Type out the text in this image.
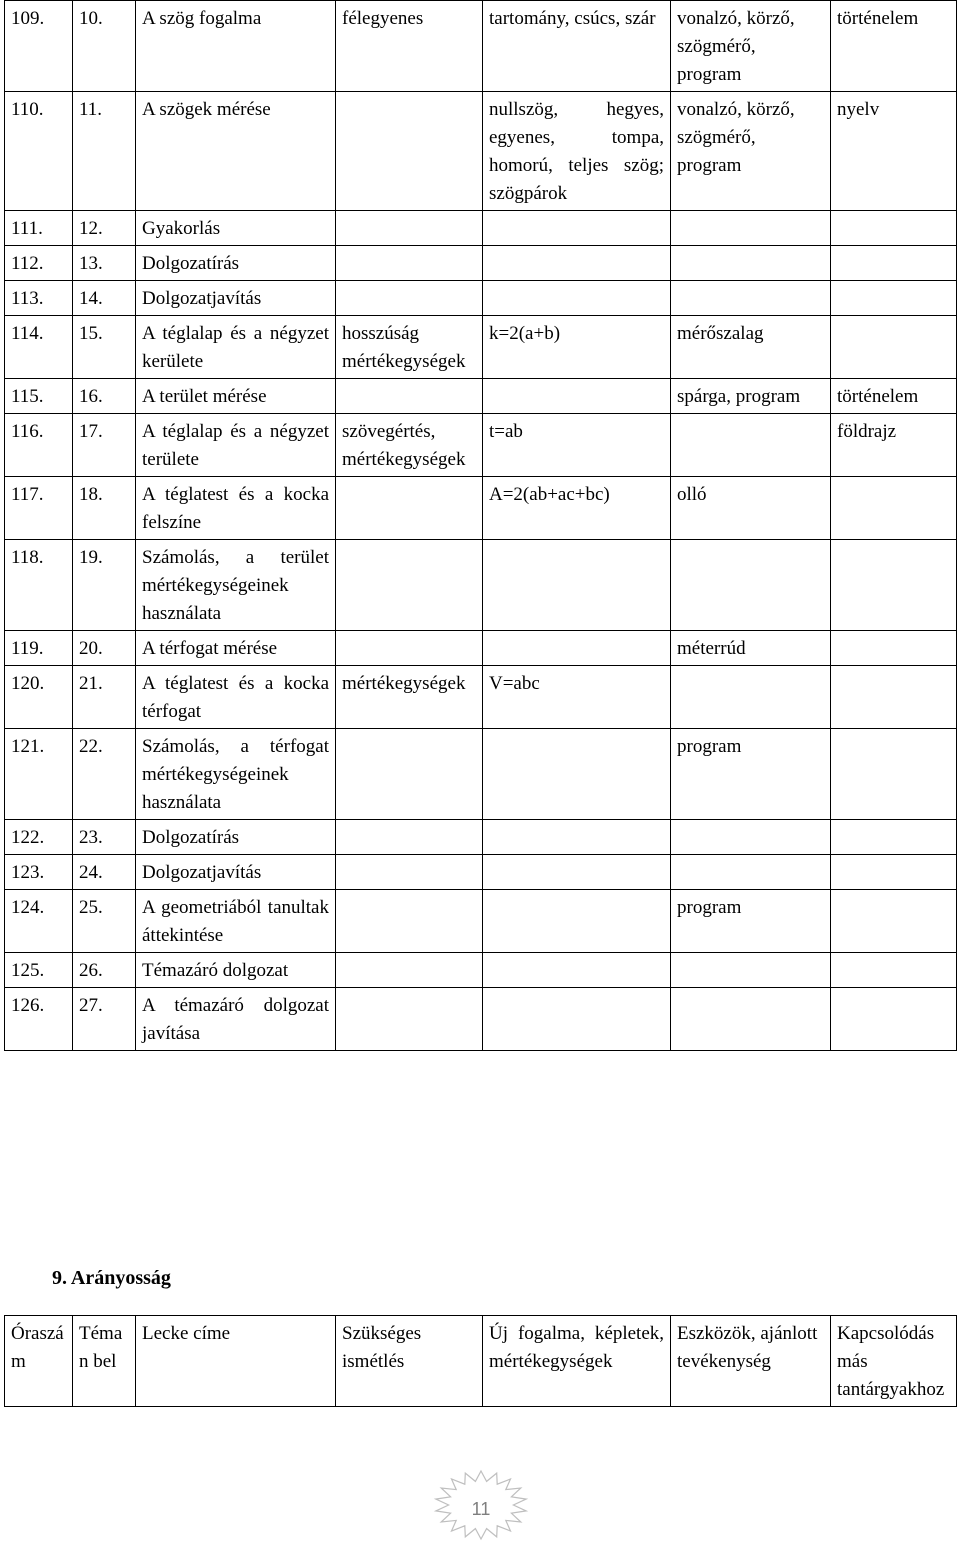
109.	10.	A szög fogalma	félegyenes	tartomány, csúcs, szár	vonalzó, körző, szögmérő, program	történelem
110.	11.	A szögek mérése		nullszög, hegyes, egyenes, tompa, homorú, teljes szög; szögpárok	vonalzó, körző, szögmérő, program	nyelv
111.	12.	Gyakorlás				
112.	13.	Dolgozatírás				
113.	14.	Dolgozatjavítás				
114.	15.	A téglalap és a négyzet kerülete	hosszúság mértékegységek	k=2(a+b)	mérőszalag	
115.	16.	A terület mérése			spárga, program	történelem
116.	17.	A téglalap és a négyzet területe	szövegértés, mértékegységek	t=ab		földrajz
117.	18.	A téglatest és a kocka felszíne		A=2(ab+ac+bc)	olló	
118.	19.	Számolás, a terület mértékegységeinek használata				
119.	20.	A térfogat mérése			méterrúd	
120.	21.	A téglatest és a kocka térfogat	mértékegységek	V=abc		
121.	22.	Számolás, a térfogat mértékegységeinek használata			program	
122.	23.	Dolgozatírás				
123.	24.	Dolgozatjavítás				
124.	25.	A geometriából tanultak áttekintése			program	
125.	26.	Témazáró dolgozat				
126.	27.	A témazáró dolgozat javítása				
9. Arányosság
Óraszám	Téma n bel	Lecke címe	Szükséges ismétlés	Új fogalma, képletek, mértékegységek	Eszközök, ajánlott tevékenység	Kapcsolódás más tantárgyakhoz
11
